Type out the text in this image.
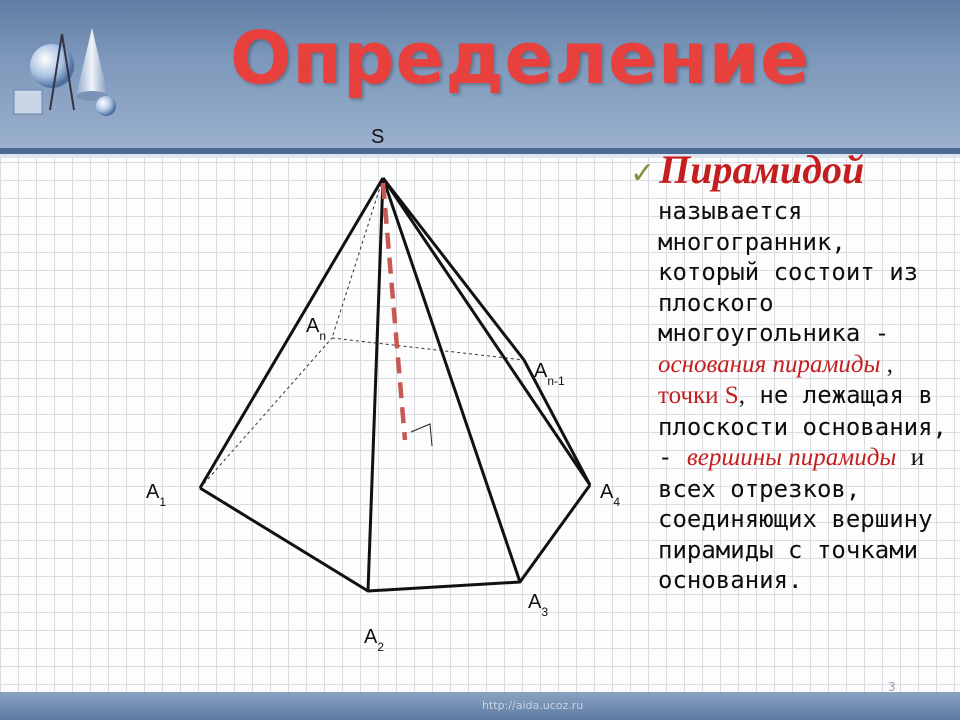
Определение
S
$A_n$
$A_{n-1}$
$A_1$	$A_4$
$A_3$
$A_2$
✓ Пирамидой
называется многогранник, который состоит из плоского многоугольника - основания пирамиды , точки S, не лежащая в плоскости основания, - вершины пирамиды и всех отрезков, соединяющих вершину пирамиды с точками основания.
http://aida.ucoz.ru
3
